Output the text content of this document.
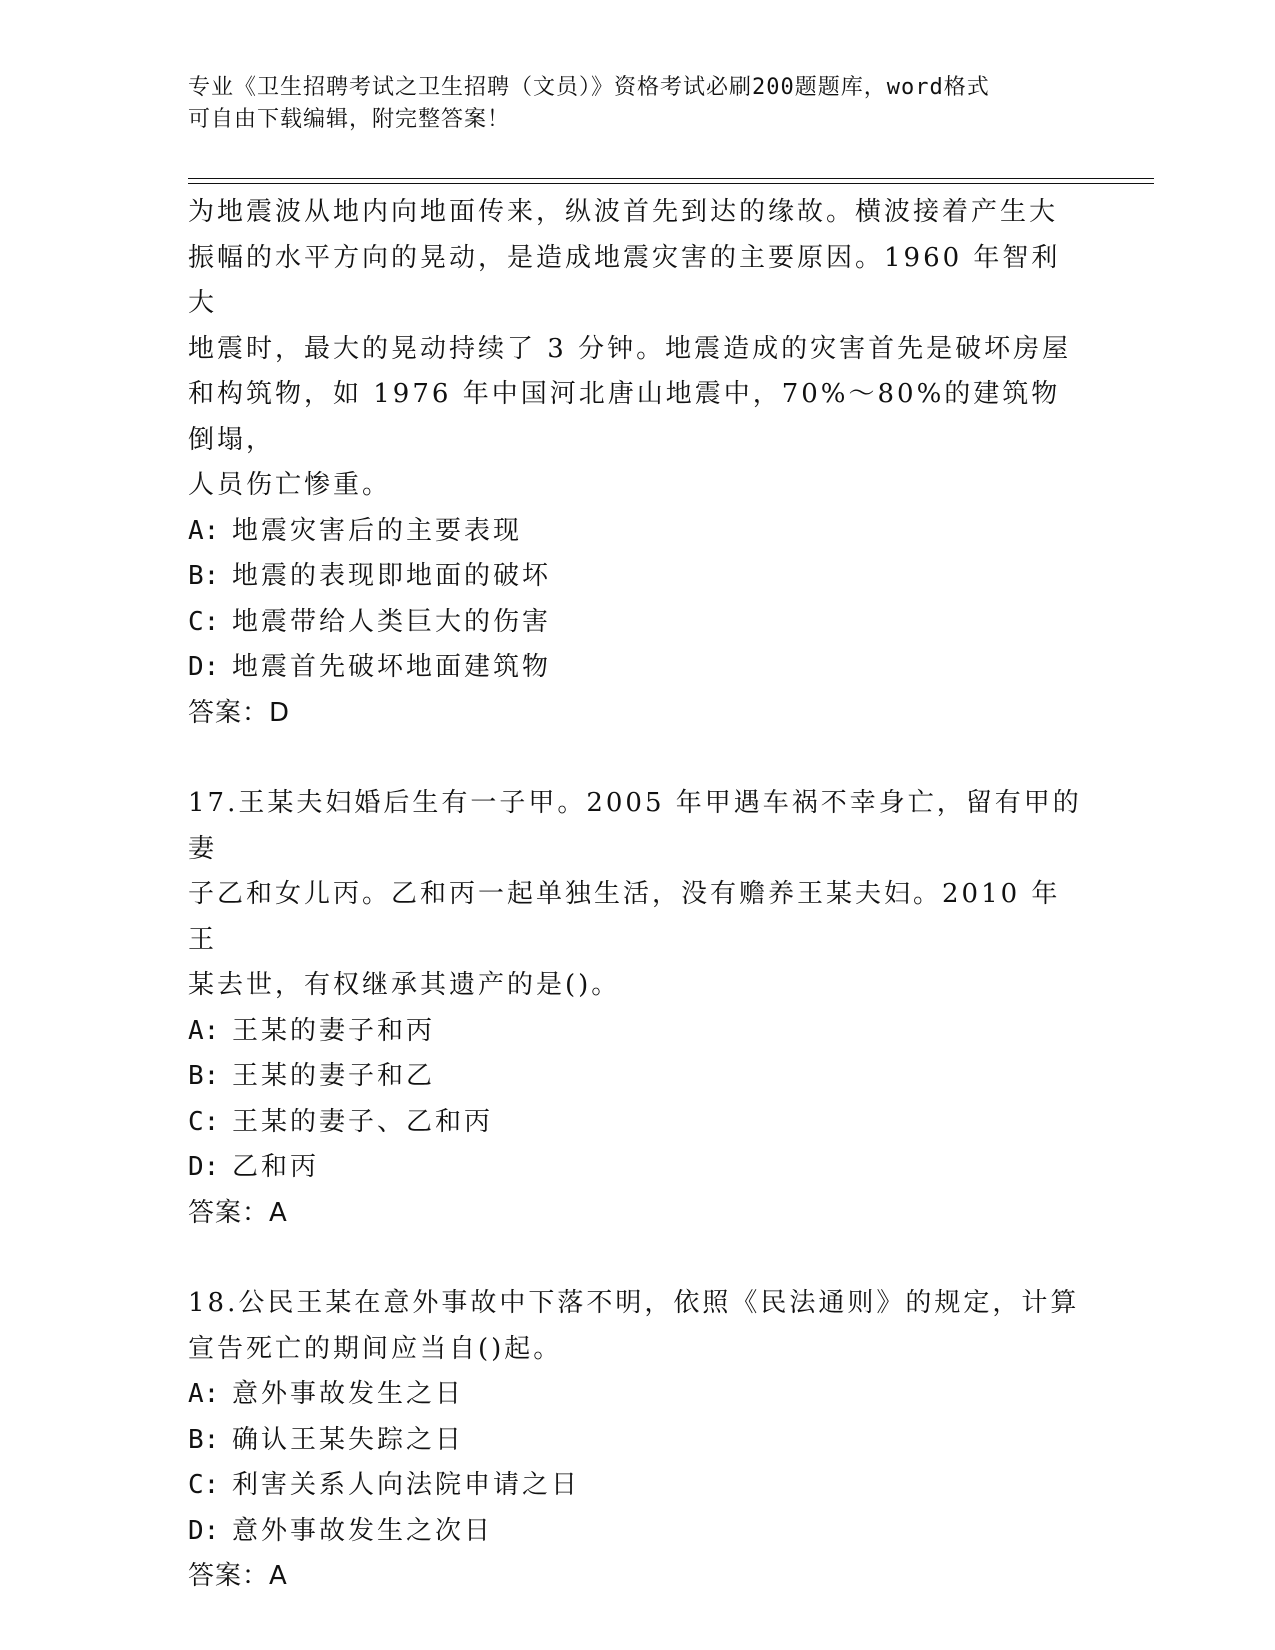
专业《卫生招聘考试之卫生招聘（文员）》资格考试必刷200题题库，word格式
可自由下载编辑，附完整答案！

为地震波从地内向地面传来，纵波首先到达的缘故。横波接着产生大

振幅的水平方向的晃动，是造成地震灾害的主要原因。1960 年智利大

地震时，最大的晃动持续了 3 分钟。地震造成的灾害首先是破坏房屋

和构筑物，如 1976 年中国河北唐山地震中，70%～80%的建筑物倒塌，

人员伤亡惨重。

A: 地震灾害后的主要表现

B: 地震的表现即地面的破坏

C: 地震带给人类巨大的伤害

D: 地震首先破坏地面建筑物

答案：D

17.王某夫妇婚后生有一子甲。2005 年甲遇车祸不幸身亡，留有甲的妻

子乙和女儿丙。乙和丙一起单独生活，没有赡养王某夫妇。2010 年王

某去世，有权继承其遗产的是()。

A: 王某的妻子和丙

B: 王某的妻子和乙

C: 王某的妻子、乙和丙

D: 乙和丙

答案：A

18.公民王某在意外事故中下落不明，依照《民法通则》的规定，计算

宣告死亡的期间应当自()起。

A: 意外事故发生之日

B: 确认王某失踪之日

C: 利害关系人向法院申请之日

D: 意外事故发生之次日

答案：A
